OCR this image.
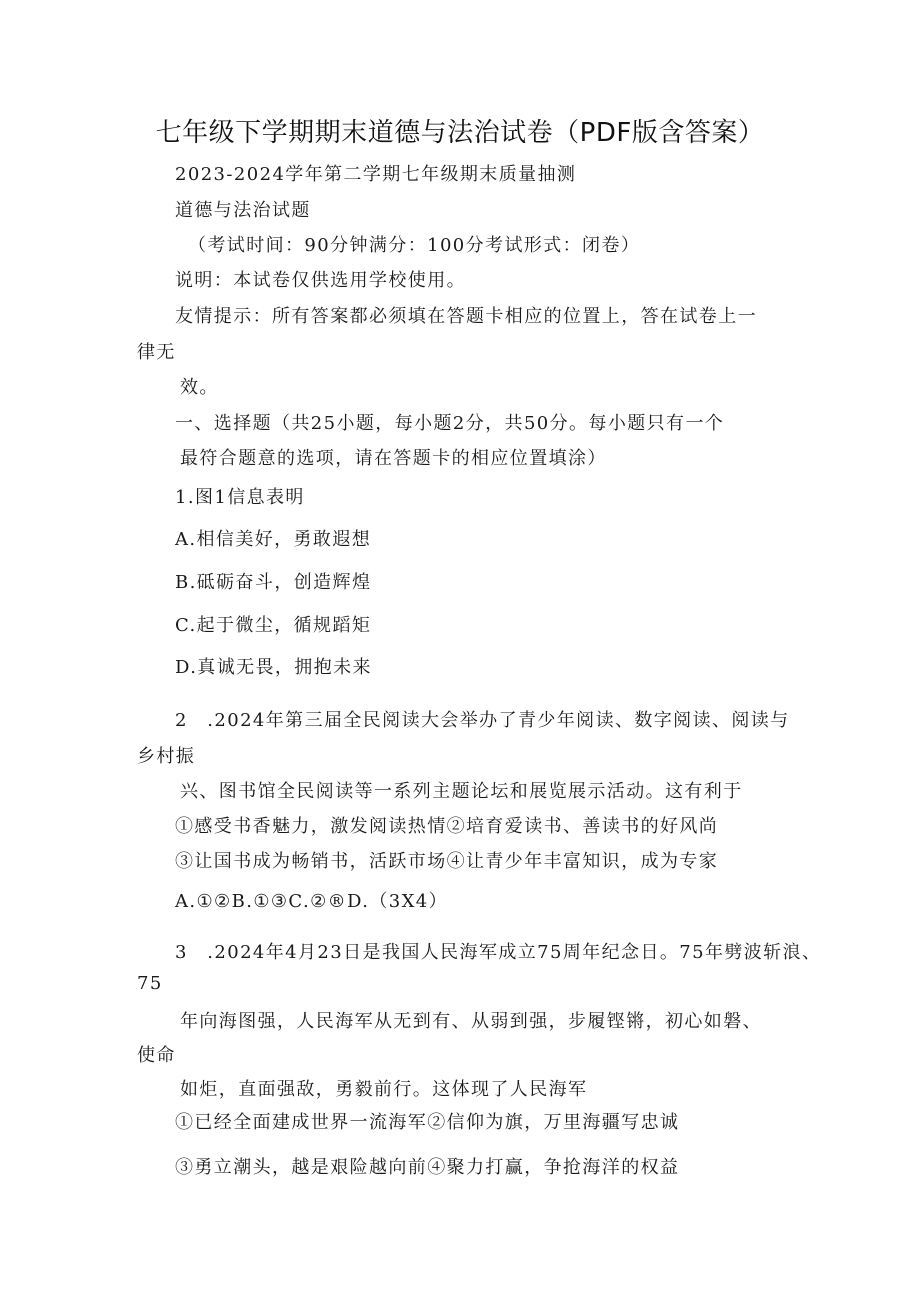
七年级下学期期末道德与法治试卷（PDF版含答案）
2023-2024学年第二学期七年级期末质量抽测
道德与法治试题
（考试时间：90分钟满分：100分考试形式：闭卷）
说明：本试卷仅供选用学校使用。
友情提示：所有答案都必须填在答题卡相应的位置上，答在试卷上一
律无
效。
一、选择题（共25小题，每小题2分，共50分。每小题只有一个
最符合题意的选项，请在答题卡的相应位置填涂）
1.图1信息表明
A.相信美好，勇敢遐想
B.砥砺奋斗，创造辉煌
C.起于微尘，循规蹈矩
D.真诚无畏，拥抱未来
2　.2024年第三届全民阅读大会举办了青少年阅读、数字阅读、阅读与
乡村振
兴、图书馆全民阅读等一系列主题论坛和展览展示活动。这有利于
①感受书香魅力，激发阅读热情②培育爱读书、善读书的好风尚
③让国书成为畅销书，活跃市场④让青少年丰富知识，成为专家
A.①②B.①③C.②®D.（3X4）
3　.2024年4月23日是我国人民海军成立75周年纪念日。75年劈波斩浪、
75
年向海图强，人民海军从无到有、从弱到强，步履铿锵，初心如磐、
使命
如炬，直面强敌，勇毅前行。这体现了人民海军
①已经全面建成世界一流海军②信仰为旗，万里海疆写忠诚
③勇立潮头，越是艰险越向前④聚力打赢，争抢海洋的权益
